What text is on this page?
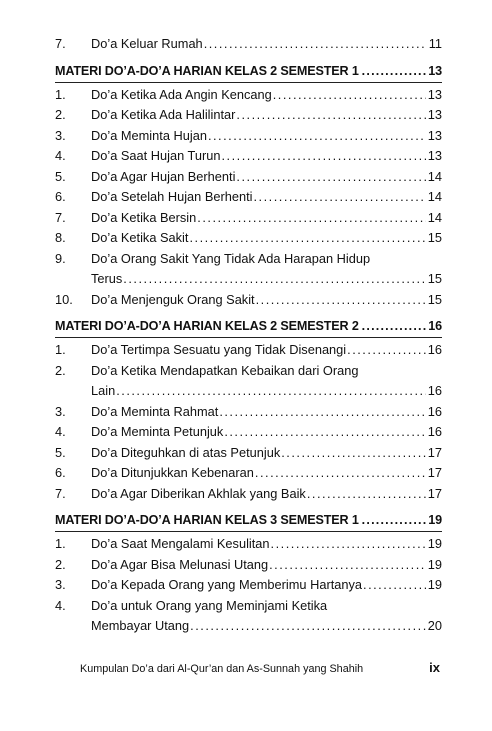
7.	Do’a Keluar Rumah .....	11
MATERI DO’A-DO’A HARIAN KELAS 2 SEMESTER 1 .....	13
1.	Do’a Ketika Ada Angin Kencang .....	13
2.	Do’a Ketika Ada Halilintar .....	13
3.	Do’a Meminta Hujan .....	13
4.	Do’a Saat Hujan Turun .....	13
5.	Do’a Agar Hujan Berhenti .....	14
6.	Do’a Setelah Hujan Berhenti .....	14
7.	Do’a Ketika Bersin .....	14
8.	Do’a Ketika Sakit .....	15
9.	Do’a Orang Sakit Yang Tidak Ada Harapan Hidup
Terus .....	15
10.	Do’a Menjenguk Orang Sakit .....	15
MATERI DO’A-DO’A HARIAN KELAS 2 SEMESTER 2 .....	16
1.	Do’a Tertimpa Sesuatu yang Tidak Disenangi .....	16
2.	Do’a Ketika Mendapatkan Kebaikan dari Orang
Lain .....	16
3.	Do’a Meminta Rahmat .....	16
4.	Do’a Meminta Petunjuk .....	16
5.	Do’a Diteguhkan di atas Petunjuk .....	17
6.	Do’a Ditunjukkan Kebenaran .....	17
7.	Do’a Agar Diberikan Akhlak yang Baik .....	17
MATERI DO’A-DO’A HARIAN KELAS 3 SEMESTER 1 .....	19
1.	Do’a Saat Mengalami Kesulitan .....	19
2.	Do’a Agar Bisa Melunasi Utang .....	19
3.	Do’a Kepada Orang yang Memberimu Hartanya .....	19
4.	Do’a untuk Orang yang Meminjami Ketika
Membayar Utang .....	20
Kumpulan Do’a dari Al-Qur’an dan As-Sunnah yang Shahih	ix
